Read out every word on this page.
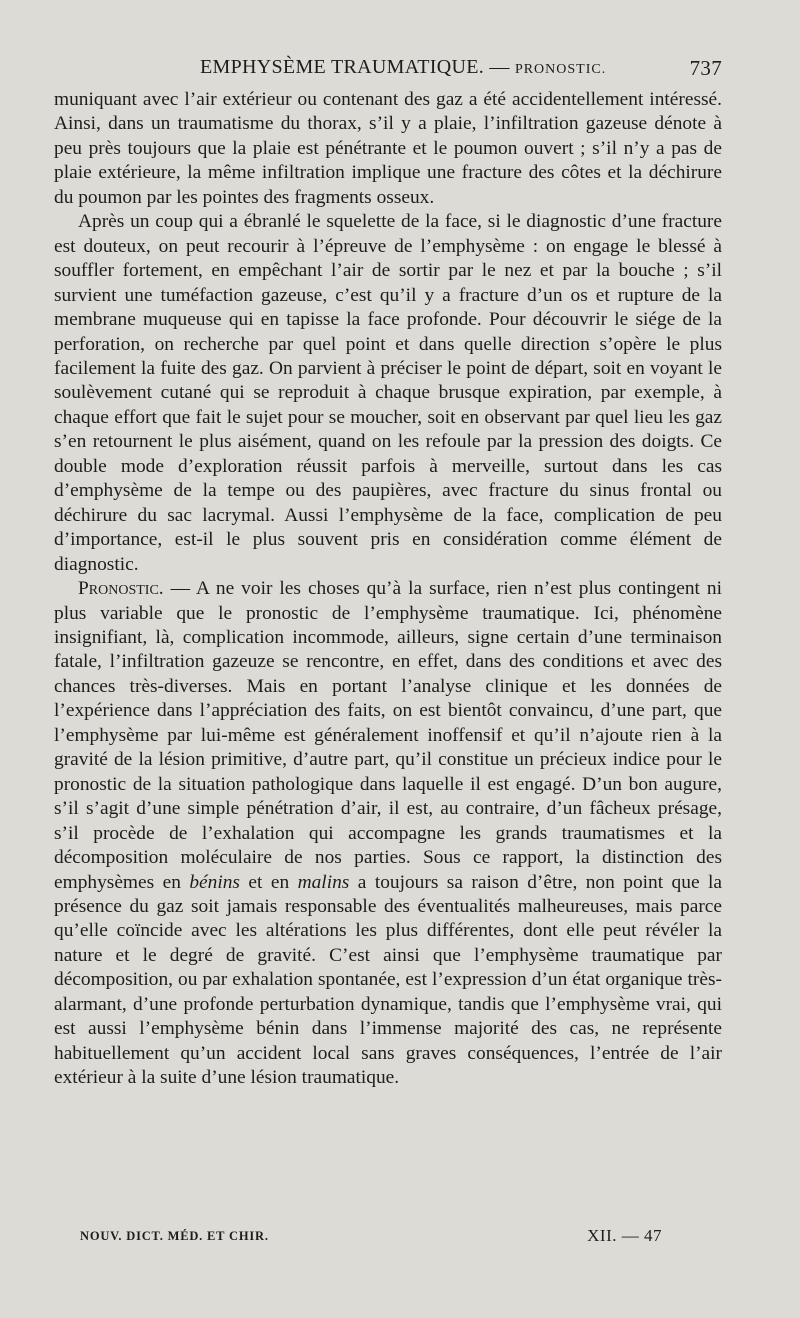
EMPHYSÈME TRAUMATIQUE. — PRONOSTIC.	737

muniquant avec l’air extérieur ou contenant des gaz a été accidentellement intéressé. Ainsi, dans un traumatisme du thorax, s’il y a plaie, l’infiltration gazeuse dénote à peu près toujours que la plaie est pénétrante et le poumon ouvert ; s’il n’y a pas de plaie extérieure, la même infiltration implique une fracture des côtes et la déchirure du poumon par les pointes des fragments osseux.

Après un coup qui a ébranlé le squelette de la face, si le diagnostic d’une fracture est douteux, on peut recourir à l’épreuve de l’emphysème : on engage le blessé à souffler fortement, en empêchant l’air de sortir par le nez et par la bouche ; s’il survient une tuméfaction gazeuse, c’est qu’il y a fracture d’un os et rupture de la membrane muqueuse qui en tapisse la face profonde. Pour découvrir le siége de la perforation, on recherche par quel point et dans quelle direction s’opère le plus facilement la fuite des gaz. On parvient à préciser le point de départ, soit en voyant le soulèvement cutané qui se reproduit à chaque brusque expiration, par exemple, à chaque effort que fait le sujet pour se moucher, soit en observant par quel lieu les gaz s’en retournent le plus aisément, quand on les refoule par la pression des doigts. Ce double mode d’exploration réussit parfois à merveille, surtout dans les cas d’emphysème de la tempe ou des paupières, avec fracture du sinus frontal ou déchirure du sac lacrymal. Aussi l’emphysème de la face, complication de peu d’importance, est-il le plus souvent pris en considération comme élément de diagnostic.

Pronostic. — A ne voir les choses qu’à la surface, rien n’est plus contingent ni plus variable que le pronostic de l’emphysème traumatique. Ici, phénomène insignifiant, là, complication incommode, ailleurs, signe certain d’une terminaison fatale, l’infiltration gazeuze se rencontre, en effet, dans des conditions et avec des chances très-diverses. Mais en portant l’analyse clinique et les données de l’expérience dans l’appréciation des faits, on est bientôt convaincu, d’une part, que l’emphysème par lui-même est généralement inoffensif et qu’il n’ajoute rien à la gravité de la lésion primitive, d’autre part, qu’il constitue un précieux indice pour le pronostic de la situation pathologique dans laquelle il est engagé. D’un bon augure, s’il s’agit d’une simple pénétration d’air, il est, au contraire, d’un fâcheux présage, s’il procède de l’exhalation qui accompagne les grands traumatismes et la décomposition moléculaire de nos parties. Sous ce rapport, la distinction des emphysèmes en bénins et en malins a toujours sa raison d’être, non point que la présence du gaz soit jamais responsable des éventualités malheureuses, mais parce qu’elle coïncide avec les altérations les plus différentes, dont elle peut révéler la nature et le degré de gravité. C’est ainsi que l’emphysème traumatique par décomposition, ou par exhalation spontanée, est l’expression d’un état organique très-alarmant, d’une profonde perturbation dynamique, tandis que l’emphysème vrai, qui est aussi l’emphysème bénin dans l’immense majorité des cas, ne représente habituellement qu’un accident local sans graves conséquences, l’entrée de l’air extérieur à la suite d’une lésion traumatique.

NOUV. DICT. MÉD. ET CHIR.	XII. — 47
